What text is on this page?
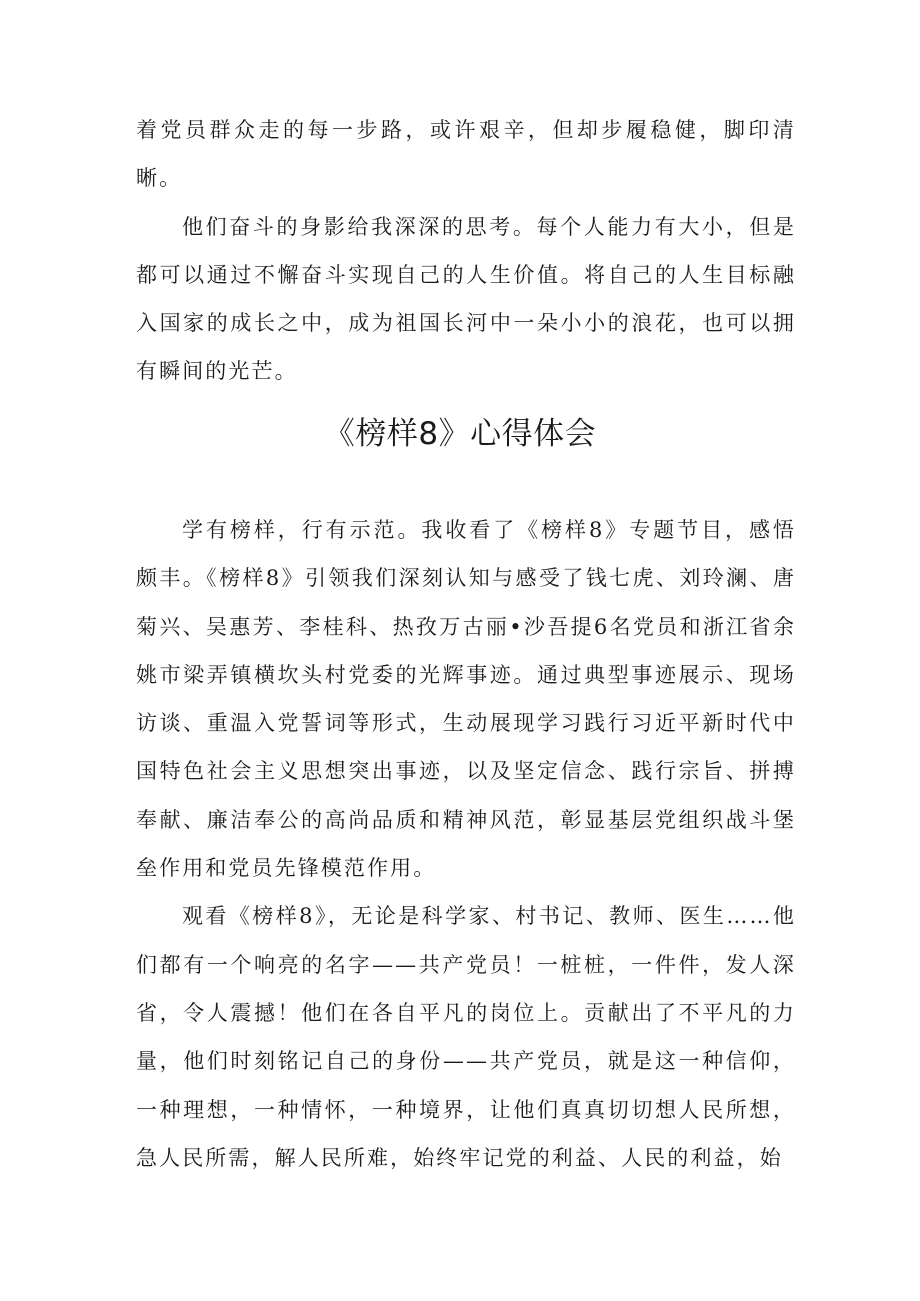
着党员群众走的每一步路，或许艰辛，但却步履稳健，脚印清晰。

他们奋斗的身影给我深深的思考。每个人能力有大小，但是都可以通过不懈奋斗实现自己的人生价值。将自己的人生目标融入国家的成长之中，成为祖国长河中一朵小小的浪花，也可以拥有瞬间的光芒。

《榜样8》心得体会

学有榜样，行有示范。我收看了《榜样8》专题节目，感悟颇丰。《榜样8》引领我们深刻认知与感受了钱七虎、刘玲澜、唐菊兴、吴惠芳、李桂科、热孜万古丽•沙吾提6名党员和浙江省余姚市梁弄镇横坎头村党委的光辉事迹。通过典型事迹展示、现场访谈、重温入党誓词等形式，生动展现学习践行习近平新时代中国特色社会主义思想突出事迹，以及坚定信念、践行宗旨、拼搏奉献、廉洁奉公的高尚品质和精神风范，彰显基层党组织战斗堡垒作用和党员先锋模范作用。

观看《榜样8》，无论是科学家、村书记、教师、医生……他们都有一个响亮的名字——共产党员！一桩桩，一件件，发人深省，令人震撼！他们在各自平凡的岗位上。贡献出了不平凡的力量，他们时刻铭记自己的身份——共产党员，就是这一种信仰，一种理想，一种情怀，一种境界，让他们真真切切想人民所想，急人民所需，解人民所难，始终牢记党的利益、人民的利益，始
